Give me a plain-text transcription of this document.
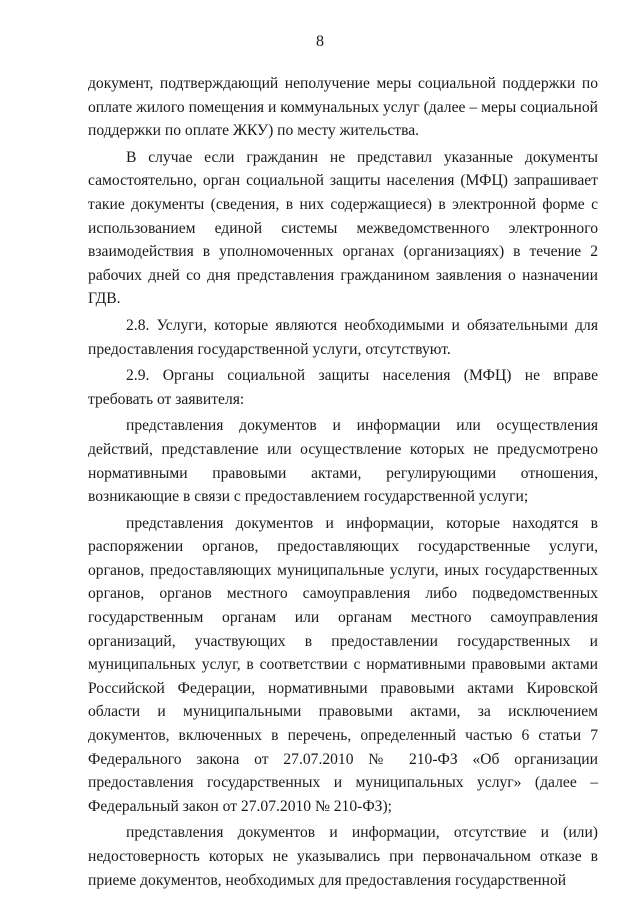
8

документ, подтверждающий неполучение меры социальной поддержки по оплате жилого помещения и коммунальных услуг (далее – меры социальной поддержки по оплате ЖКУ) по месту жительства.

В случае если гражданин не представил указанные документы самостоятельно, орган социальной защиты населения (МФЦ) запрашивает такие документы (сведения, в них содержащиеся) в электронной форме с использованием единой системы межведомственного электронного взаимодействия в уполномоченных органах (организациях) в течение 2 рабочих дней со дня представления гражданином заявления о назначении ГДВ.

2.8. Услуги, которые являются необходимыми и обязательными для предоставления государственной услуги, отсутствуют.

2.9. Органы социальной защиты населения (МФЦ) не вправе требовать от заявителя:

представления документов и информации или осуществления действий, представление или осуществление которых не предусмотрено нормативными правовыми актами, регулирующими отношения, возникающие в связи с предоставлением государственной услуги;

представления документов и информации, которые находятся в распоряжении органов, предоставляющих государственные услуги, органов, предоставляющих муниципальные услуги, иных государственных органов, органов местного самоуправления либо подведомственных государственным органам или органам местного самоуправления организаций, участвующих в предоставлении государственных и муниципальных услуг, в соответствии с нормативными правовыми актами Российской Федерации, нормативными правовыми актами Кировской области и муниципальными правовыми актами, за исключением документов, включенных в перечень, определенный частью 6 статьи 7 Федерального закона от 27.07.2010 № 210-ФЗ «Об организации предоставления государственных и муниципальных услуг» (далее – Федеральный закон от 27.07.2010 № 210-ФЗ);

представления документов и информации, отсутствие и (или) недостоверность которых не указывались при первоначальном отказе в приеме документов, необходимых для предоставления государственной
